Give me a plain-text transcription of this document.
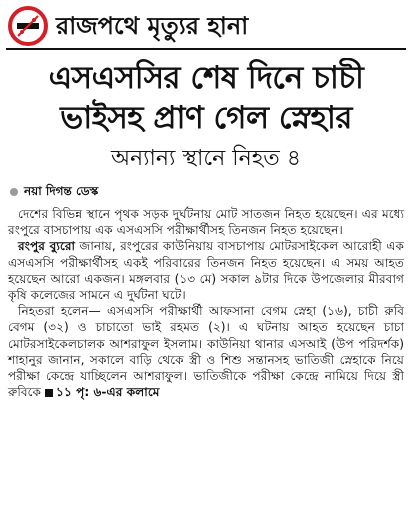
রাজপথে মৃত্যুর হানা
এসএসসির শেষ দিনে চাচী
ভাইসহ প্রাণ গেল স্নেহার
অন্যান্য স্থানে নিহত ৪
নয়া দিগন্ত ডেস্ক

দেশের বিভিন্ন স্থানে পৃথক সড়ক দুর্ঘটনায় মোট সাতজন নিহত হয়েছেন। এর মধ্যে রংপুরে বাসচাপায় এক এসএসসি পরীক্ষার্থীসহ তিনজন নিহত হয়েছেন।

রংপুর ব্যুরো জানায়, রংপুরের কাউনিয়ায় বাসচাপায় মোটরসাইকেল আরোহী এক এসএসসি পরীক্ষার্থীসহ একই পরিবারের তিনজন নিহত হয়েছেন। এ সময় আহত হয়েছেন আরো একজন। মঙ্গলবার (১৩ মে) সকাল ৯টার দিকে উপজেলার মীরবাগ কৃষি কলেজের সামনে এ দুর্ঘটনা ঘটে।

নিহতরা হলেন— এসএসসি পরীক্ষার্থী আফসানা বেগম স্নেহা (১৬), চাচী রুবি বেগম (৩২) ও চাচাতো ভাই রহমত (২)। এ ঘটনায় আহত হয়েছেন চাচা মোটরসাইকেলচালক আশরাফুল ইসলাম। কাউনিয়া থানার এসআই (উপ পরিদর্শক) শাহানুর জানান, সকালে বাড়ি থেকে স্ত্রী ও শিশু সন্তানসহ ভাতিজী স্নেহাকে নিয়ে পরীক্ষা কেন্দ্রে যাচ্ছিলেন আশরাফুল। ভাতিজীকে পরীক্ষা কেন্দ্রে নামিয়ে দিয়ে স্ত্রী রুবিকে ১১ পৃ: ৬-এর কলামে
